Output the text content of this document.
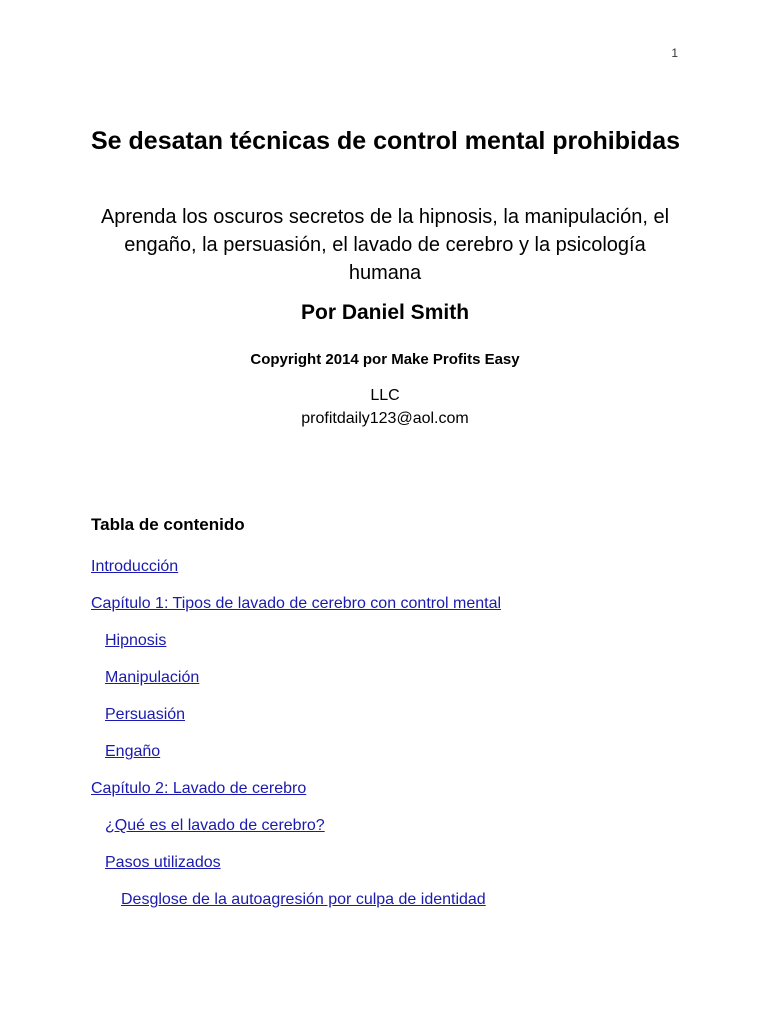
1
Se desatan técnicas de control mental prohibidas

Aprenda los oscuros secretos de la hipnosis, la manipulación, el engaño, la persuasión, el lavado de cerebro y la psicología humana

Por Daniel Smith

Copyright 2014 por Make Profits Easy

LLC
profitdaily123@aol.com
Tabla de contenido
Introducción
Capítulo 1: Tipos de lavado de cerebro con control mental
Hipnosis
Manipulación
Persuasión
Engaño
Capítulo 2: Lavado de cerebro
¿Qué es el lavado de cerebro?
Pasos utilizados
Desglose de la autoagresión por culpa de identidad
